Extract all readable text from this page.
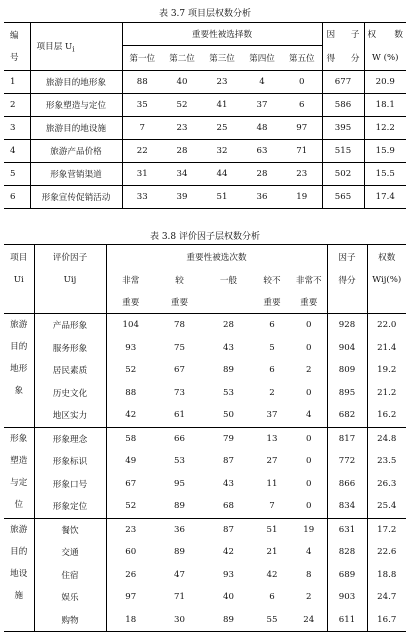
表 3.7 项目层权数分析
编
号	项目层 $U_i$	重要性被选择数					因 子	权 数

		第一位	第二位	第三位	第四位	第五位	得 分	W (%)
1	旅游目的地形象	88	40	23	4	0	677	20.9
2	形象塑造与定位	35	52	41	37	6	586	18.1
3	旅游目的地设施	7	23	25	48	97	395	12.2
4	旅游产品价格	22	28	32	63	71	515	15.9
5	形象营销渠道	31	34	44	28	23	502	15.5
6	形象宣传促销活动	33	39	51	36	19	565	17.4
表 3.8 评价因子层权数分析
项目	评价因子	重要性被选次数					因子	权数
Ui	Uij	非常	较	一般	较不	非常不	得分	Wij(%)
		重要	重要		重要	重要		

旅游
目的
地形
象	产品形象	104	78	28	6	0	928	22.0
	服务形象	93	75	43	5	0	904	21.4
	居民素质	52	67	89	6	2	809	19.2
	历史文化	88	73	53	2	0	895	21.2
	地区实力	42	61	50	37	4	682	16.2

形象
塑造
与定
位	形象理念	58	66	79	13	0	817	24.8
	形象标识	49	53	87	27	0	772	23.5
	形象口号	67	95	43	11	0	866	26.3
	形象定位	52	89	68	7	0	834	25.4

旅游
目的
地设
施	餐饮	23	36	87	51	19	631	17.2
	交通	60	89	42	21	4	828	22.6
	住宿	26	47	93	42	8	689	18.8
	娱乐	97	71	40	6	2	903	24.7
	购物	18	30	89	55	24	611	16.7
